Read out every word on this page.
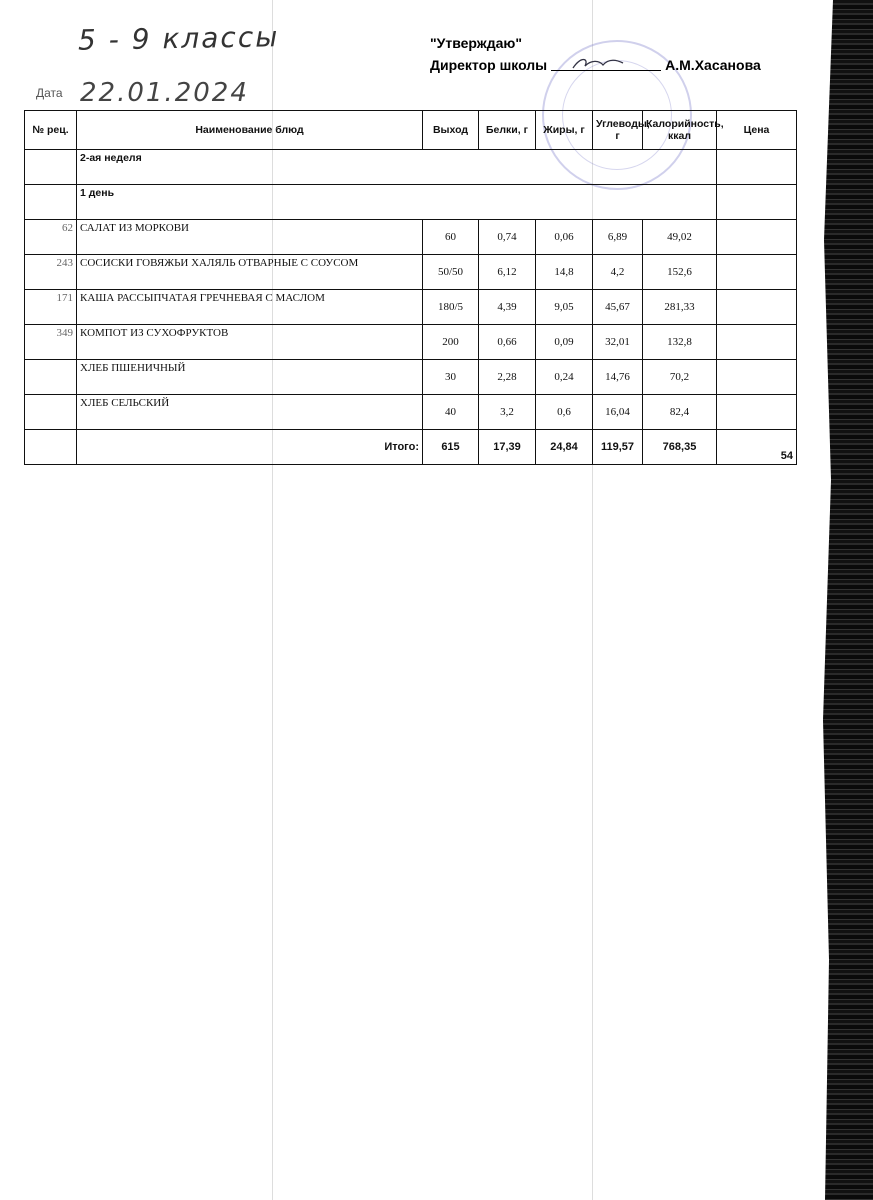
5 - 9 классы
Дата 22.01.2024
"Утверждаю"
Директор школы	А.М.Хасанова
№ рец.	Наименование блюд	Выход	Белки, г	Жиры, г	Углеводы, г	Калорийность, ккал	Цена
	2-ая неделя						
	1 день						
62	САЛАТ ИЗ МОРКОВИ	60	0,74	0,06	6,89	49,02	
243	СОСИСКИ ГОВЯЖЬИ ХАЛЯЛЬ ОТВАРНЫЕ С СОУСОМ	50/50	6,12	14,8	4,2	152,6	
171	КАША РАССЫПЧАТАЯ ГРЕЧНЕВАЯ С МАСЛОМ	180/5	4,39	9,05	45,67	281,33	
349	КОМПОТ ИЗ СУХОФРУКТОВ	200	0,66	0,09	32,01	132,8	
	ХЛЕБ ПШЕНИЧНЫЙ	30	2,28	0,24	14,76	70,2	
	ХЛЕБ СЕЛЬСКИЙ	40	3,2	0,6	16,04	82,4	
	Итого:	615	17,39	24,84	119,57	768,35	54
